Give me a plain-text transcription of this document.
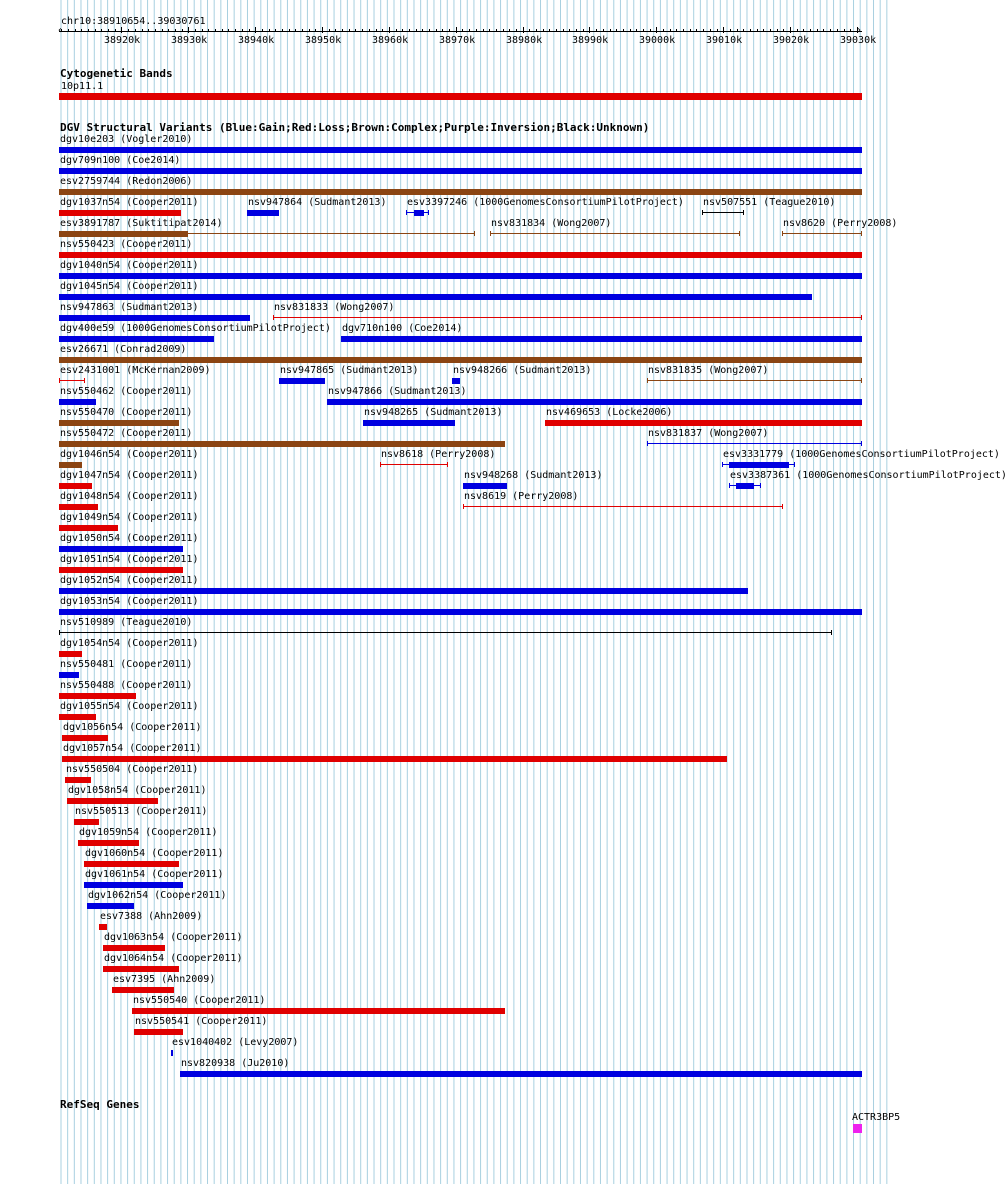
chr10:38910654..39030761
38920k	38930k	38940k	38950k	38960k	38970k	38980k	38990k	39000k	39010k	39020k	39030k
‹	›
Cytogenetic Bands
10p11.1
DGV Structural Variants (Blue:Gain;Red:Loss;Brown:Complex;Purple:Inversion;Black:Unknown)
dgv10e203 (Vogler2010)
dgv709n100 (Coe2014)
esv2759744 (Redon2006)
dgv1037n54 (Cooper2011)	nsv947864 (Sudmant2013) esv3397246 (1000GenomesConsortiumPilotProject) nsv507551 (Teague2010)
esv3891787 (Suktitipat2014)	nsv831834 (Wong2007)	nsv8620 (Perry2008)
nsv550423 (Cooper2011)
dgv1040n54 (Cooper2011)
dgv1045n54 (Cooper2011)
nsv947863 (Sudmant2013)	nsv831833 (Wong2007)
dgv400e59 (1000GenomesConsortiumPilotProject) dgv710n100 (Coe2014)
esv26671 (Conrad2009)
esv2431001 (McKernan2009)	nsv947865 (Sudmant2013)	nsv948266 (Sudmant2013)	nsv831835 (Wong2007)
nsv550462 (Cooper2011)	nsv947866 (Sudmant2013)
nsv550470 (Cooper2011)	nsv948265 (Sudmant2013)	nsv469653 (Locke2006)
nsv550472 (Cooper2011)	nsv831837 (Wong2007)
dgv1046n54 (Cooper2011)	nsv8618 (Perry2008)	esv3331779 (1000GenomesConsortiumPilotProject)
dgv1047n54 (Cooper2011)	nsv948268 (Sudmant2013)	esv3387361 (1000GenomesConsortiumPilotProject)
dgv1048n54 (Cooper2011)	nsv8619 (Perry2008)
dgv1049n54 (Cooper2011)
dgv1050n54 (Cooper2011)
dgv1051n54 (Cooper2011)
dgv1052n54 (Cooper2011)
dgv1053n54 (Cooper2011)
nsv510989 (Teague2010)
dgv1054n54 (Cooper2011)
nsv550481 (Cooper2011)
nsv550488 (Cooper2011)
dgv1055n54 (Cooper2011)
dgv1056n54 (Cooper2011)
dgv1057n54 (Cooper2011)
nsv550504 (Cooper2011)
dgv1058n54 (Cooper2011)
nsv550513 (Cooper2011)
dgv1059n54 (Cooper2011)
dgv1060n54 (Cooper2011)
dgv1061n54 (Cooper2011)
dgv1062n54 (Cooper2011)
esv7388 (Ahn2009)
dgv1063n54 (Cooper2011)
dgv1064n54 (Cooper2011)
esv7395 (Ahn2009)
nsv550540 (Cooper2011)
nsv550541 (Cooper2011)
esv1040402 (Levy2007)
nsv820938 (Ju2010)
RefSeq Genes
ACTR3BP5
